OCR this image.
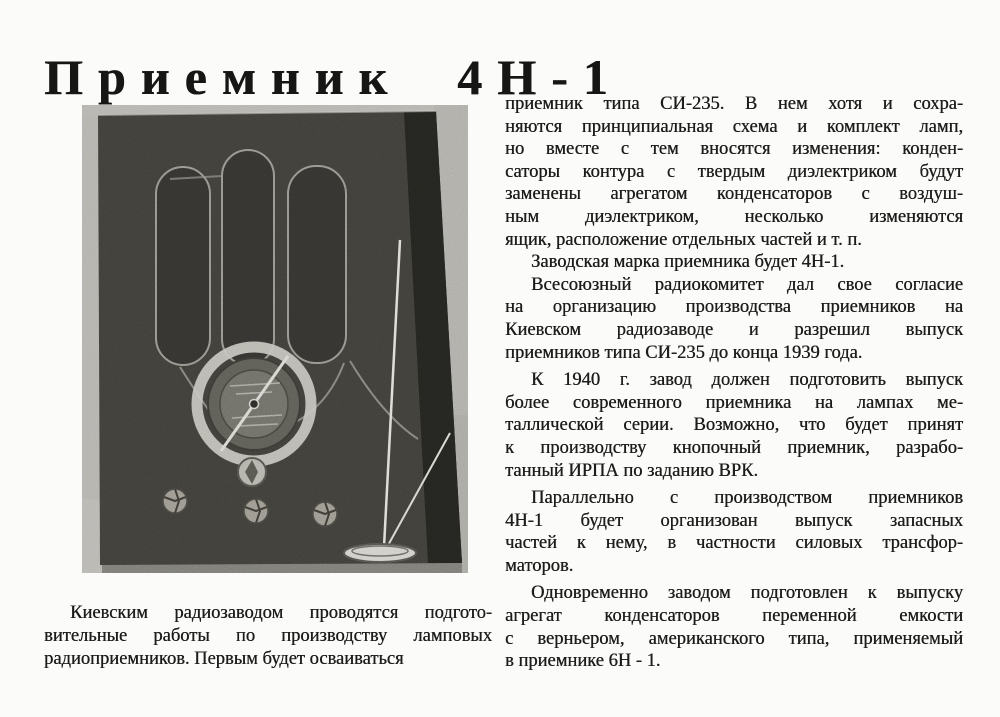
Приемник 4Н-1
Киевским радиозаводом проводятся подгото-
вительные работы по производству ламповых
радиоприемников. Первым будет осваиваться
приемник типа СИ-235. В нем хотя и сохра-
няются принципиальная схема и комплект ламп,
но вместе с тем вносятся изменения: конден-
саторы контура с твердым диэлектриком будут
заменены агрегатом конденсаторов с воздуш-
ным диэлектриком, несколько изменяются
ящик, расположение отдельных частей и т. п.
Заводская марка приемника будет 4Н-1.
Всесоюзный радиокомитет дал свое согласие
на организацию производства приемников на
Киевском радиозаводе и разрешил выпуск
приемников типа СИ-235 до конца 1939 года.
К 1940 г. завод должен подготовить выпуск
более современного приемника на лампах ме-
таллической серии. Возможно, что будет принят
к производству кнопочный приемник, разрабо-
танный ИРПА по заданию ВРК.
Параллельно с производством приемников
4Н-1 будет организован выпуск запасных
частей к нему, в частности силовых трансфор-
маторов.
Одновременно заводом подготовлен к выпуску
агрегат конденсаторов переменной емкости
с верньером, американского типа, применяемый
в приемнике 6Н - 1.
